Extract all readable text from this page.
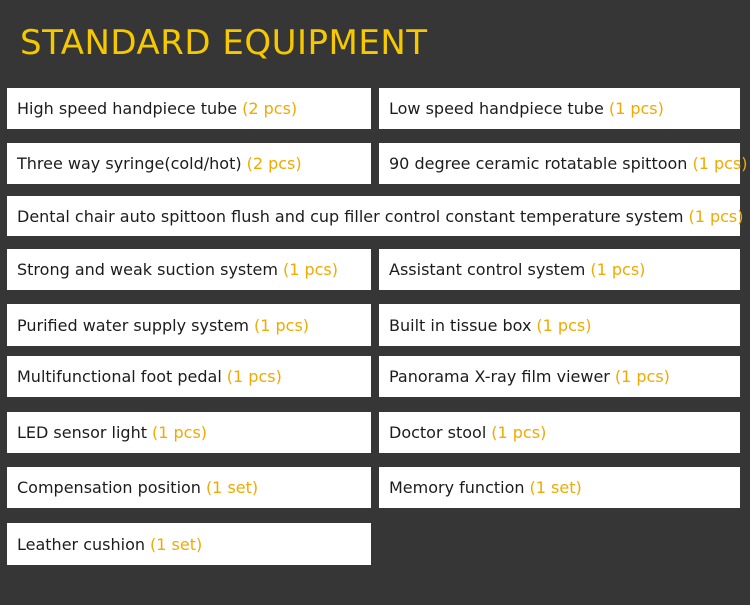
STANDARD EQUIPMENT
High speed handpiece tube (2 pcs)	Low speed handpiece tube (1 pcs)
Three way syringe(cold/hot) (2 pcs)	90 degree ceramic rotatable spittoon (1 pcs)
Dental chair auto spittoon flush and cup filler control constant temperature system (1 pcs)
Strong and weak suction system (1 pcs)	Assistant control system (1 pcs)
Purified water supply system (1 pcs)	Built in tissue box (1 pcs)
Multifunctional foot pedal (1 pcs)	Panorama X-ray film viewer (1 pcs)
LED sensor light (1 pcs)	Doctor stool (1 pcs)
Compensation position (1 set)	Memory function (1 set)
Leather cushion (1 set)
